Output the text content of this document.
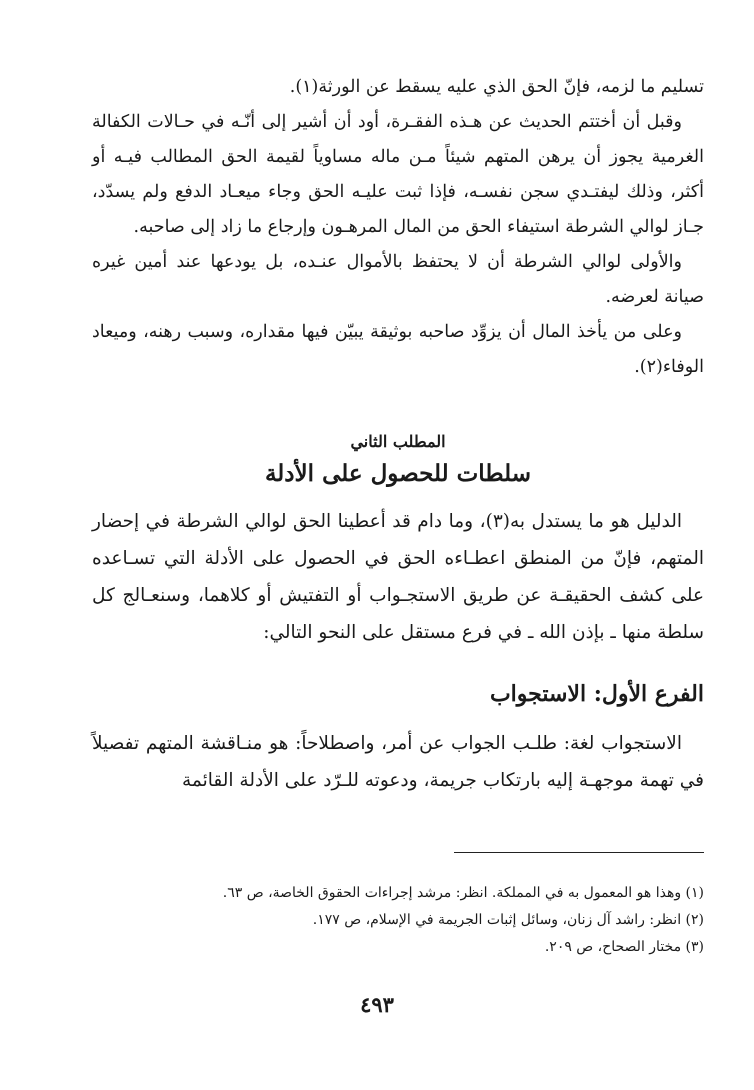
تسليم ما لزمه، فإنّ الحق الذي عليه يسقط عن الورثة(١).

وقبل أن أختتم الحديث عن هـذه الفقـرة، أود أن أشير إلى أنّـه في حـالات الكفالة الغرمية يجوز أن يرهن المتهم شيئاً مـن ماله مساوياً لقيمة الحق المطالب فيـه أو أكثر، وذلك ليفتـدي سجن نفسـه، فإذا ثبت عليـه الحق وجاء ميعـاد الدفع ولم يسدّد، جـاز لوالي الشرطة استيفاء الحق من المال المرهـون وإرجاع ما زاد إلى صاحبه.

والأولى لوالي الشرطة أن لا يحتفظ بالأموال عنـده، بل يودعها عند أمين غيره صيانة لعرضه.

وعلى من يأخذ المال أن يزوِّد صاحبه بوثيقة يبيّن فيها مقداره، وسبب رهنه، وميعاد الوفاء(٢).

المطلب الثاني

سلطات للحصول على الأدلة

الدليل هو ما يستدل به(٣)، وما دام قد أعطينا الحق لوالي الشرطة في إحضار المتهم، فإنّ من المنطق اعطـاءه الحق في الحصول على الأدلة التي تسـاعده على كشف الحقيقـة عن طريق الاستجـواب أو التفتيش أو كلاهما، وسنعـالج كل سلطة منها ـ بإذن الله ـ في فرع مستقل على النحو التالي:

الفرع الأول: الاستجواب

الاستجواب لغة: طلـب الجواب عن أمر، واصطلاحاً: هو منـاقشة المتهم تفصيلاً في تهمة موجهـة إليه بارتكاب جريمة، ودعوته للـرّد على الأدلة القائمة

(١) وهذا هو المعمول به في المملكة. انظر: مرشد إجراءات الحقوق الخاصة، ص ٦٣.

(٢) انظر: راشد آل زنان، وسائل إثبات الجريمة في الإسلام، ص ١٧٧.

(٣) مختار الصحاح، ص ٢٠٩.

٤٩٣
